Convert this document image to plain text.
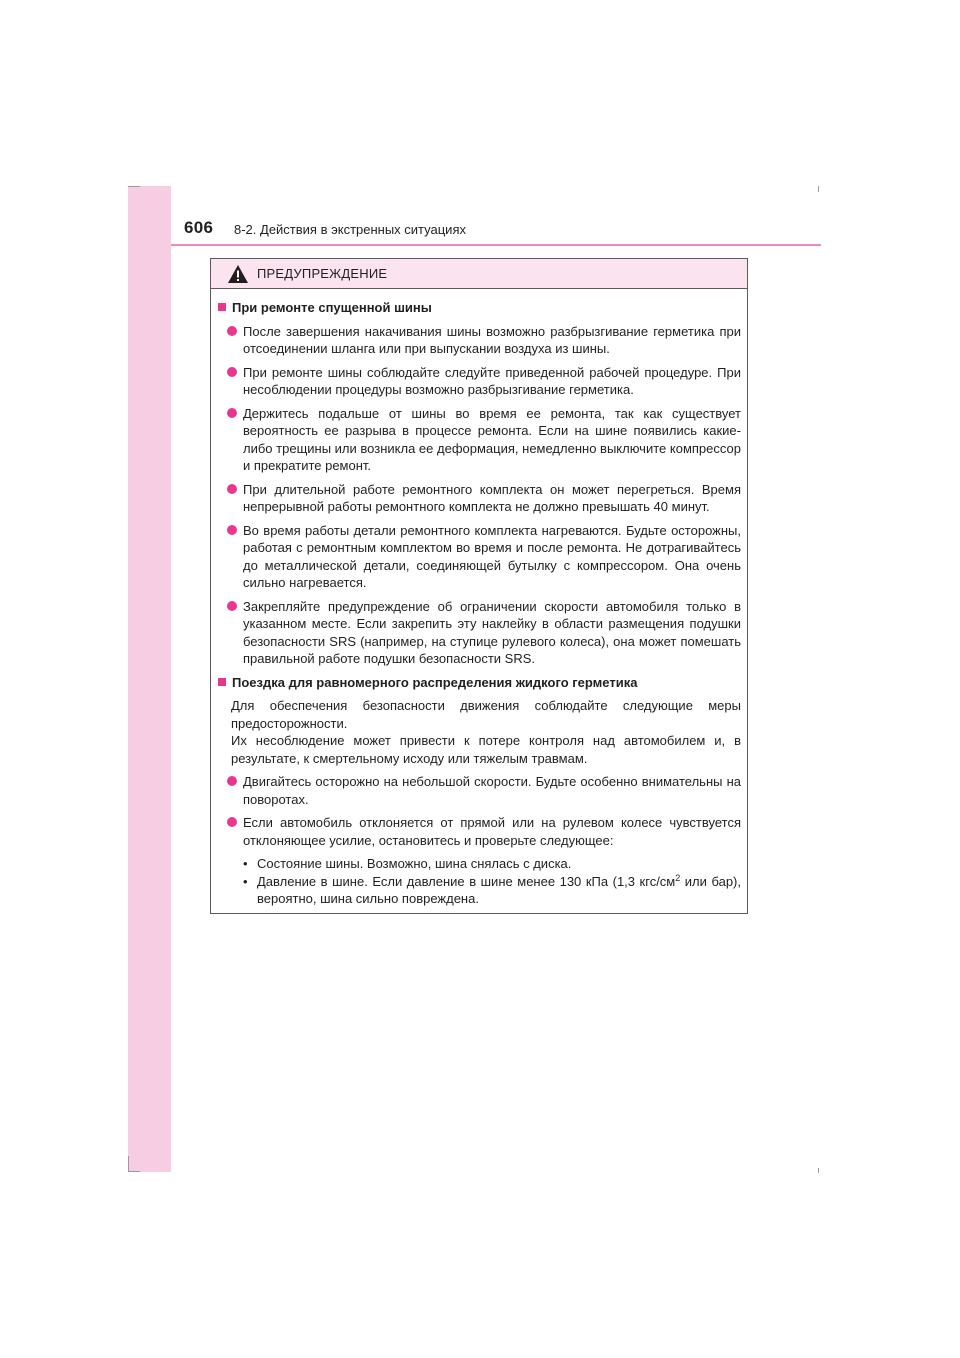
606 8-2. Действия в экстренных ситуациях
ПРЕДУПРЕЖДЕНИЕ
При ремонте спущенной шины
После завершения накачивания шины возможно разбрызгивание герметика при отсоединении шланга или при выпускании воздуха из шины.
При ремонте шины соблюдайте следуйте приведенной рабочей процедуре. При несоблюдении процедуры возможно разбрызгивание герметика.
Держитесь подальше от шины во время ее ремонта, так как существует вероятность ее разрыва в процессе ремонта. Если на шине появились какие-либо трещины или возникла ее деформация, немедленно выключите компрессор и прекратите ремонт.
При длительной работе ремонтного комплекта он может перегреться. Время непрерывной работы ремонтного комплекта не должно превышать 40 минут.
Во время работы детали ремонтного комплекта нагреваются. Будьте осторожны, работая с ремонтным комплектом во время и после ремонта. Не дотрагивайтесь до металлической детали, соединяющей бутылку с компрессором. Она очень сильно нагревается.
Закрепляйте предупреждение об ограничении скорости автомобиля только в указанном месте. Если закрепить эту наклейку в области размещения подушки безопасности SRS (например, на ступице рулевого колеса), она может помешать правильной работе подушки безопасности SRS.
Поездка для равномерного распределения жидкого герметика
Для обеспечения безопасности движения соблюдайте следующие меры предосторожности.
Их несоблюдение может привести к потере контроля над автомобилем и, в результате, к смертельному исходу или тяжелым травмам.
Двигайтесь осторожно на небольшой скорости. Будьте особенно внимательны на поворотах.
Если автомобиль отклоняется от прямой или на рулевом колесе чувствуется отклоняющее усилие, остановитесь и проверьте следующее:
• Состояние шины. Возможно, шина снялась с диска.
• Давление в шине. Если давление в шине менее 130 кПа (1,3 кгс/$см^2$ или бар), вероятно, шина сильно повреждена.
